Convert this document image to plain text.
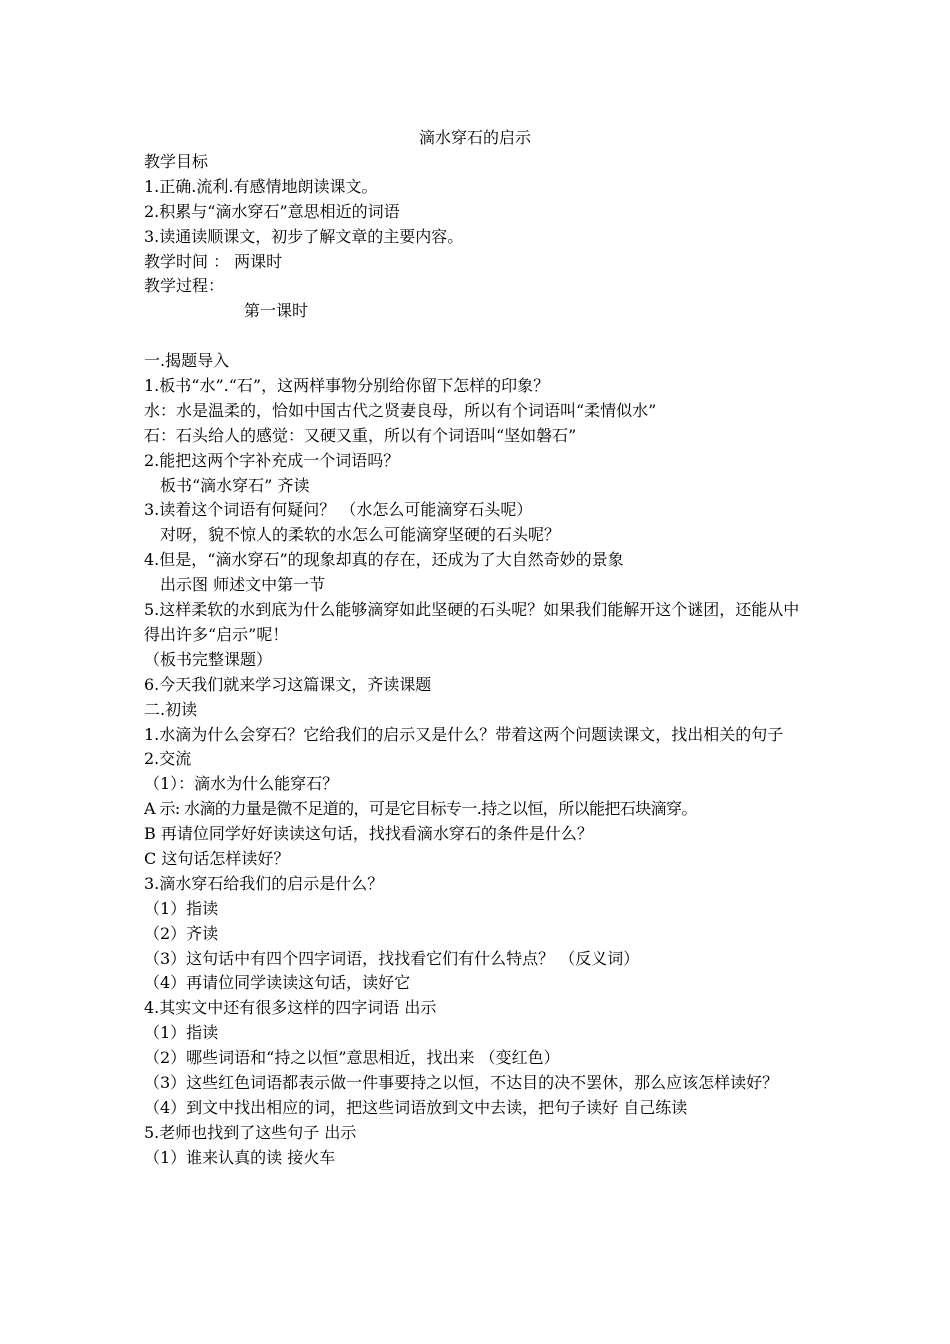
滴水穿石的启示
教学目标
1.正确.流利.有感情地朗读课文。
2.积累与“滴水穿石”意思相近的词语
3.读通读顺课文，初步了解文章的主要内容。
教学时间 ： 两课时
教学过程：
第一课时
一.揭题导入
1.板书“水”.“石”，这两样事物分别给你留下怎样的印象？
水：水是温柔的，恰如中国古代之贤妻良母，所以有个词语叫“柔情似水”
石：石头给人的感觉：又硬又重，所以有个词语叫“坚如磐石”
2.能把这两个字补充成一个词语吗？
板书“滴水穿石” 齐读
3.读着这个词语有何疑问？ （水怎么可能滴穿石头呢）
对呀，貌不惊人的柔软的水怎么可能滴穿坚硬的石头呢？
4.但是，“滴水穿石”的现象却真的存在，还成为了大自然奇妙的景象
出示图 师述文中第一节
5.这样柔软的水到底为什么能够滴穿如此坚硬的石头呢？如果我们能解开这个谜团，还能从中得出许多“启示”呢！
（板书完整课题）
6.今天我们就来学习这篇课文，齐读课题
二.初读
1.水滴为什么会穿石？它给我们的启示又是什么？带着这两个问题读课文，找出相关的句子
2.交流
（1）：滴水为什么能穿石？
A 示: 水滴的力量是微不足道的，可是它目标专一.持之以恒，所以能把石块滴穿。
B 再请位同学好好读读这句话，找找看滴水穿石的条件是什么？
C 这句话怎样读好？
3.滴水穿石给我们的启示是什么？
（1）指读
（2）齐读
（3）这句话中有四个四字词语，找找看它们有什么特点？ （反义词）
（4）再请位同学读读这句话，读好它
4.其实文中还有很多这样的四字词语 出示
（1）指读
（2）哪些词语和“持之以恒”意思相近，找出来 （变红色）
（3）这些红色词语都表示做一件事要持之以恒，不达目的决不罢休，那么应该怎样读好？
（4）到文中找出相应的词，把这些词语放到文中去读，把句子读好 自己练读
5.老师也找到了这些句子 出示
（1）谁来认真的读 接火车
